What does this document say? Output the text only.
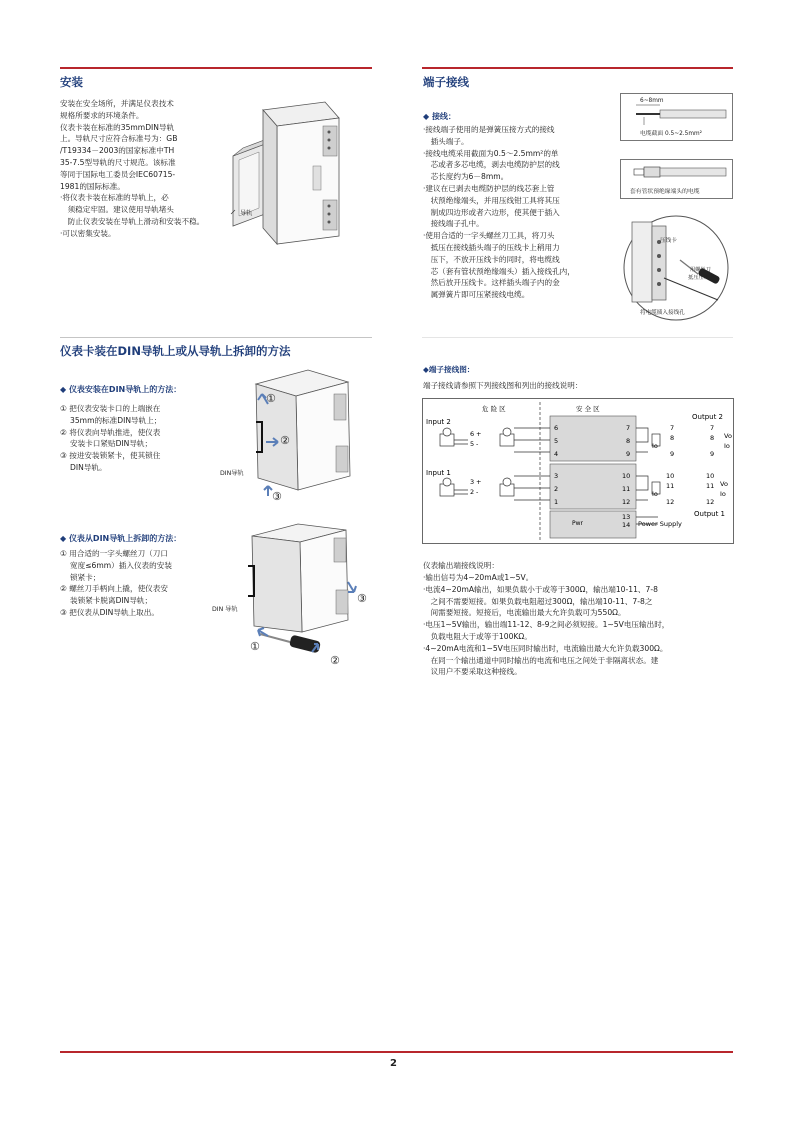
安装
安装在安全场所，并满足仪表技术
规格所要求的环境条件。
仪表卡装在标准的35mmDIN导轨
上。导轨尺寸应符合标准号为：GB
/T19334－2003的国家标准中TH
35-7.5型导轨的尺寸规范。该标准
等同于国际电工委员会IEC60715-
1981的国际标准。
·将仪表卡装在标准的导轨上，必
　须稳定牢固。建议使用导轨堵头
　防止仪表安装在导轨上滑动和安装不稳。
·可以密集安装。
导轨
仪表卡装在DIN导轨上或从导轨上拆卸的方法
◆ 仪表安装在DIN导轨上的方法：
① 把仪表安装卡口的上端嵌在
　 35mm的标准DIN导轨上；
② 将仪表向导轨推进，使仪表
　 安装卡口紧贴DIN导轨；
③ 按进安装锁紧卡，使其锁住
　 DIN导轨。
①
②
③
DIN导轨
◆ 仪表从DIN导轨上拆卸的方法：
① 用合适的一字头螺丝刀（刀口
　 宽度≤6mm）插入仪表的安装
　 锁紧卡；
② 螺丝刀手柄向上撬，使仪表安
　 装锁紧卡脱离DIN导轨；
③ 把仪表从DIN导轨上取出。
①
②
③
DIN 导轨
端子接线
◆ 接线：
·接线端子使用的是弹簧压接方式的接线
　插头端子。
·接线电缆采用截面为0.5～2.5mm²的单
　芯或者多芯电缆，剥去电缆防护层的线
　芯长度约为6－8mm。
·建议在已剥去电缆防护层的线芯套上管
　状预绝缘端头，并用压线钳工具将其压
　制成四边形或者六边形，使其便于插入
　接线端子孔中。
·使用合适的一字头螺丝刀工具，将刀头
　抵压在接线插头端子的压线卡上稍用力
　压下，不放开压线卡的同时，将电缆线
　芯（套有管状预绝缘端头）插入接线孔内，
　然后放开压线卡。这样插头端子内的金
　属弹簧片即可压紧接线电缆。
6~8mm
电缆截面 0.5~2.5mm²
套有管状预绝缘端头的电缆
压线卡
用螺丝刀
抵压压线卡
将电缆插入接线孔
◆端子接线图：
端子接线请参照下列接线图和列出的接线说明：
危 险 区	安 全 区
Input 2
Input 1
Output 2
Output 1
Power Supply
Pwr
6 +
5 -
3 +
2 -
6
5
4
3
2
1
7
8
9
10
11
12
13
14
Io
Io
7
8
9
10
11
12
7
8
9
10
11
12
Vo
Io
Vo
Io
仪表输出端接线说明：
·输出信号为4~20mA或1~5V。
·电流4~20mA输出，如果负载小于或等于300Ω，输出端10-11、7-8
　之间不需要短接。如果负载电阻超过300Ω，输出端10-11、7-8之
　间需要短接。短接后，电流输出最大允许负载可为550Ω。
·电压1~5V输出，输出端11-12、8-9之间必须短接。1~5V电压输出时，
　负载电阻大于或等于100KΩ。
·4~20mA电流和1~5V电压同时输出时，电流输出最大允许负载300Ω。
　在同一个输出通道中同时输出的电流和电压之间处于非隔离状态。建
　议用户不要采取这种接线。
2
